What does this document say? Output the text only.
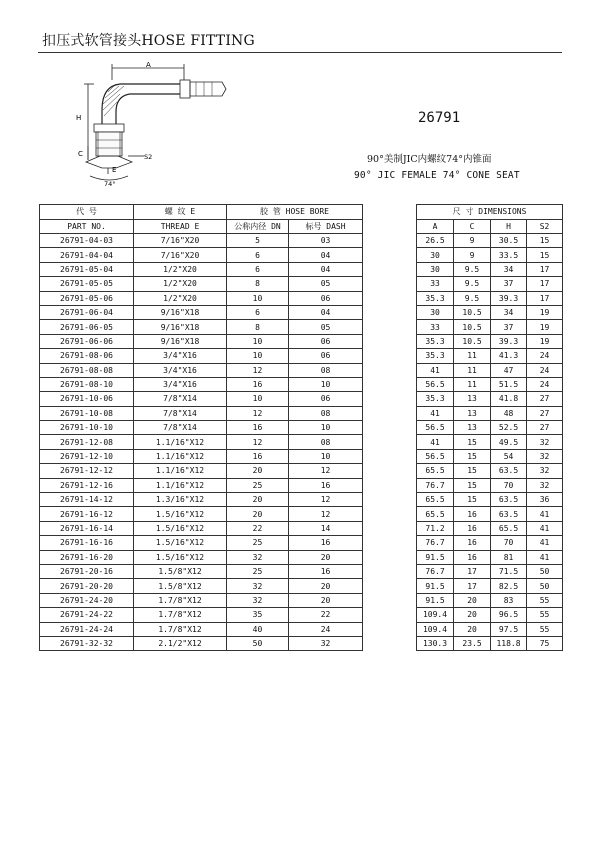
扣压式软管接头HOSE FITTING
A
H
C
E
S2
74°
26791
90°美制JIC内螺纹74°内锥面
90° JIC FEMALE 74° CONE SEAT
代 号	螺 纹 E	胶 管 HOSE BORE			尺 寸 DIMENSIONS			
PART NO.	THREAD E	公称内径 DN	标号 DASH		A	C	H	S2
26791-04-03	7/16"X20	5	03		26.5	9	30.5	15
26791-04-04	7/16"X20	6	04		30	9	33.5	15
26791-05-04	1/2"X20	6	04		30	9.5	34	17
26791-05-05	1/2"X20	8	05		33	9.5	37	17
26791-05-06	1/2"X20	10	06		35.3	9.5	39.3	17
26791-06-04	9/16"X18	6	04		30	10.5	34	19
26791-06-05	9/16"X18	8	05		33	10.5	37	19
26791-06-06	9/16"X18	10	06		35.3	10.5	39.3	19
26791-08-06	3/4"X16	10	06		35.3	11	41.3	24
26791-08-08	3/4"X16	12	08		41	11	47	24
26791-08-10	3/4"X16	16	10		56.5	11	51.5	24
26791-10-06	7/8"X14	10	06		35.3	13	41.8	27
26791-10-08	7/8"X14	12	08		41	13	48	27
26791-10-10	7/8"X14	16	10		56.5	13	52.5	27
26791-12-08	1.1/16"X12	12	08		41	15	49.5	32
26791-12-10	1.1/16"X12	16	10		56.5	15	54	32
26791-12-12	1.1/16"X12	20	12		65.5	15	63.5	32
26791-12-16	1.1/16"X12	25	16		76.7	15	70	32
26791-14-12	1.3/16"X12	20	12		65.5	15	63.5	36
26791-16-12	1.5/16"X12	20	12		65.5	16	63.5	41
26791-16-14	1.5/16"X12	22	14		71.2	16	65.5	41
26791-16-16	1.5/16"X12	25	16		76.7	16	70	41
26791-16-20	1.5/16"X12	32	20		91.5	16	81	41
26791-20-16	1.5/8"X12	25	16		76.7	17	71.5	50
26791-20-20	1.5/8"X12	32	20		91.5	17	82.5	50
26791-24-20	1.7/8"X12	32	20		91.5	20	83	55
26791-24-22	1.7/8"X12	35	22		109.4	20	96.5	55
26791-24-24	1.7/8"X12	40	24		109.4	20	97.5	55
26791-32-32	2.1/2"X12	50	32		130.3	23.5	118.8	75
